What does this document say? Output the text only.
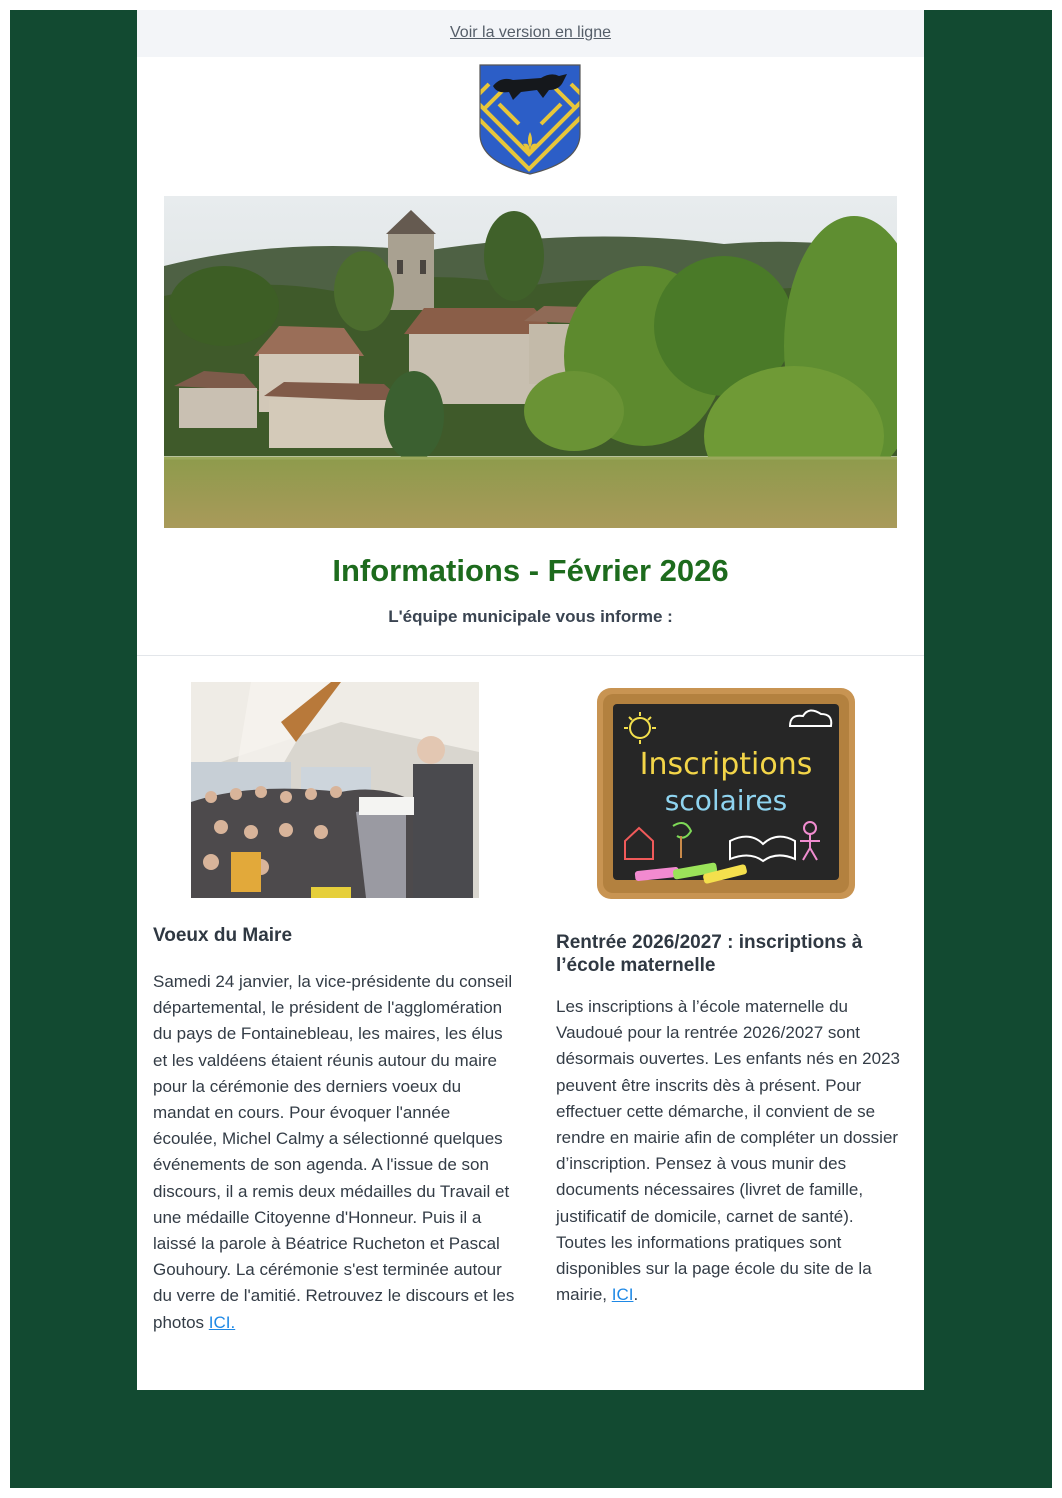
Voir la version en ligne
Informations - Février 2026
L'équipe municipale vous informe :
Inscriptions
scolaires
Voeux du Maire
Samedi 24 janvier, la vice-présidente du conseil départemental, le président de l'agglomération du pays de Fontainebleau, les maires, les élus et les valdéens étaient réunis autour du maire pour la cérémonie des derniers voeux du mandat en cours. Pour évoquer l'année écoulée, Michel Calmy a sélectionné quelques événements de son agenda. A l'issue de son discours, il a remis deux médailles du Travail et une médaille Citoyenne d'Honneur. Puis il a laissé la parole à Béatrice Rucheton et Pascal Gouhoury. La cérémonie s'est terminée autour du verre de l'amitié. Retrouvez le discours et les photos ICI.
Rentrée 2026/2027 : inscriptions à l’école maternelle
Les inscriptions à l’école maternelle du Vaudoué pour la rentrée 2026/2027 sont désormais ouvertes. Les enfants nés en 2023 peuvent être inscrits dès à présent. Pour effectuer cette démarche, il convient de se rendre en mairie afin de compléter un dossier d’inscription. Pensez à vous munir des documents nécessaires (livret de famille, justificatif de domicile, carnet de santé).
Toutes les informations pratiques sont disponibles sur la page école du site de la mairie, ICI.
